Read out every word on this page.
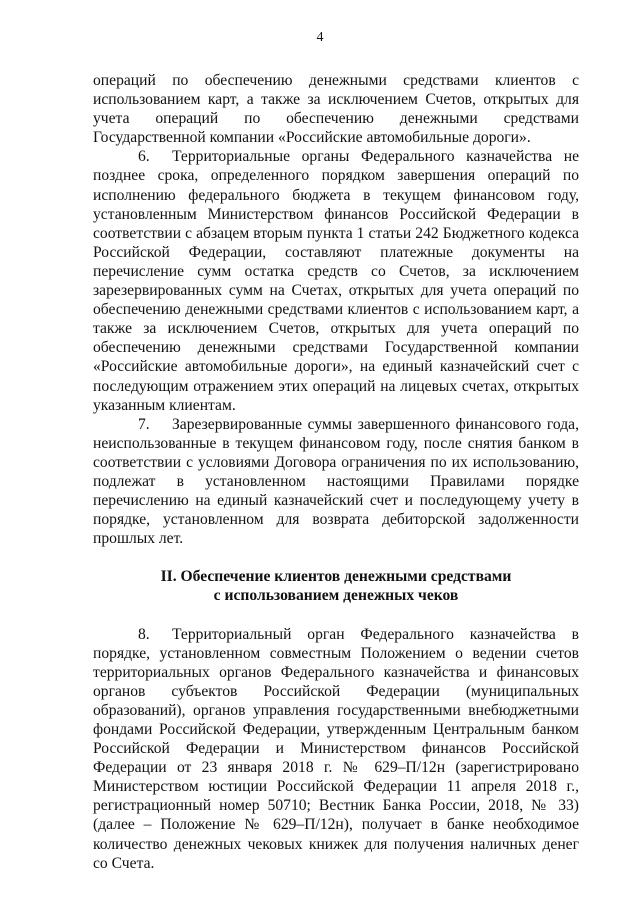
4

операций по обеспечению денежными средствами клиентов с использованием карт, а также за исключением Счетов, открытых для учета операций по обеспечению денежными средствами Государственной компании «Российские автомобильные дороги».

6. Территориальные органы Федерального казначейства не позднее срока, определенного порядком завершения операций по исполнению федерального бюджета в текущем финансовом году, установленным Министерством финансов Российской Федерации в соответствии с абзацем вторым пункта 1 статьи 242 Бюджетного кодекса Российской Федерации, составляют платежные документы на перечисление сумм остатка средств со Счетов, за исключением зарезервированных сумм на Счетах, открытых для учета операций по обеспечению денежными средствами клиентов с использованием карт, а также за исключением Счетов, открытых для учета операций по обеспечению денежными средствами Государственной компании «Российские автомобильные дороги», на единый казначейский счет с последующим отражением этих операций на лицевых счетах, открытых указанным клиентам.

7. Зарезервированные суммы завершенного финансового года, неиспользованные в текущем финансовом году, после снятия банком в соответствии с условиями Договора ограничения по их использованию, подлежат в установленном настоящими Правилами порядке перечислению на единый казначейский счет и последующему учету в порядке, установленном для возврата дебиторской задолженности прошлых лет.

II. Обеспечение клиентов денежными средствами

с использованием денежных чеков

8. Территориальный орган Федерального казначейства в порядке, установленном совместным Положением о ведении счетов территориальных органов Федерального казначейства и финансовых органов субъектов Российской Федерации (муниципальных образований), органов управления государственными внебюджетными фондами Российской Федерации, утвержденным Центральным банком Российской Федерации и Министерством финансов Российской Федерации от 23 января 2018 г. № 629–П/12н (зарегистрировано Министерством юстиции Российской Федерации 11 апреля 2018 г., регистрационный номер 50710; Вестник Банка России, 2018, № 33) (далее – Положение № 629–П/12н), получает в банке необходимое количество денежных чековых книжек для получения наличных денег со Счета.
